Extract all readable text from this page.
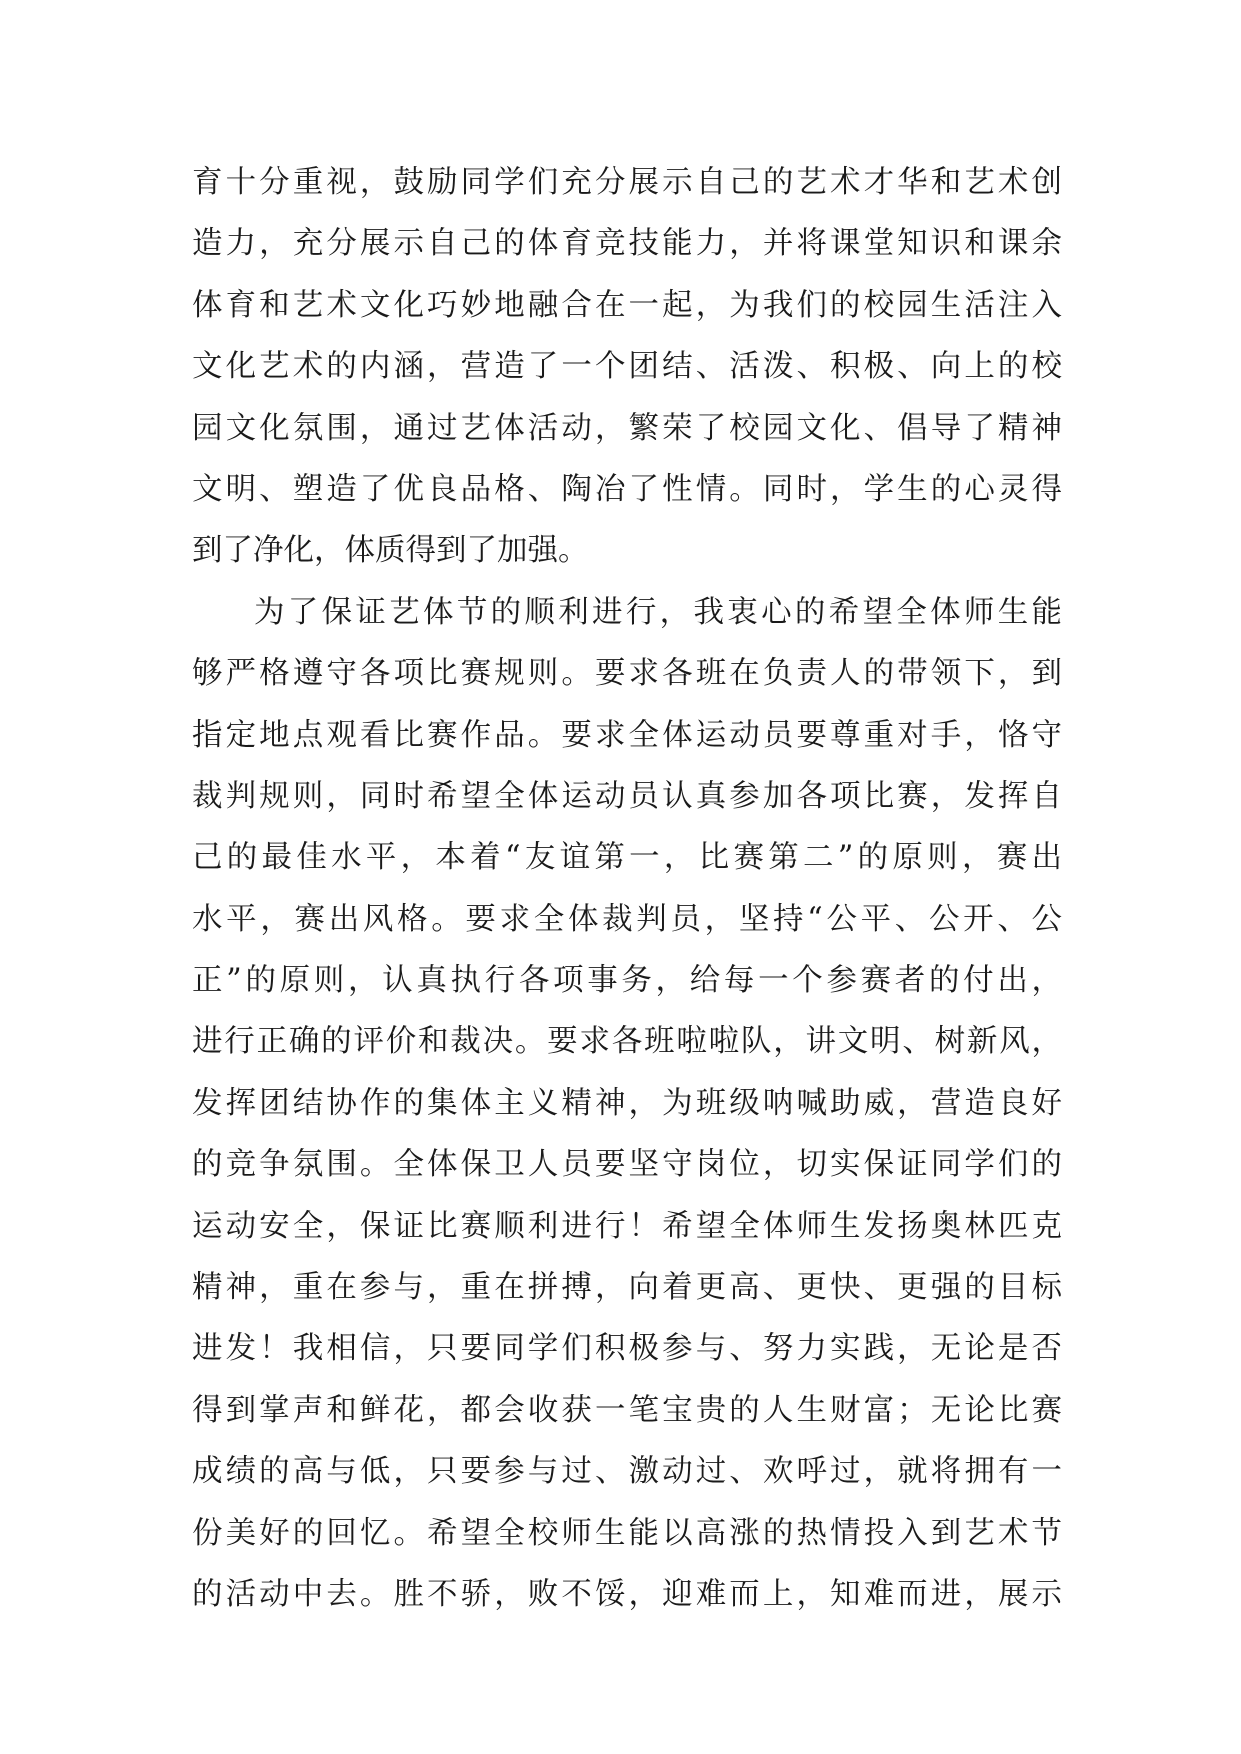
育十分重视，鼓励同学们充分展示自己的艺术才华和艺术创
造力，充分展示自己的体育竞技能力，并将课堂知识和课余
体育和艺术文化巧妙地融合在一起，为我们的校园生活注入
文化艺术的内涵，营造了一个团结、活泼、积极、向上的校
园文化氛围，通过艺体活动，繁荣了校园文化、倡导了精神
文明、塑造了优良品格、陶冶了性情。同时，学生的心灵得
到了净化，体质得到了加强。
为了保证艺体节的顺利进行，我衷心的希望全体师生能
够严格遵守各项比赛规则。要求各班在负责人的带领下，到
指定地点观看比赛作品。要求全体运动员要尊重对手，恪守
裁判规则，同时希望全体运动员认真参加各项比赛，发挥自
己的最佳水平，本着“友谊第一，比赛第二”的原则，赛出
水平，赛出风格。要求全体裁判员，坚持“公平、公开、公
正”的原则，认真执行各项事务，给每一个参赛者的付出，
进行正确的评价和裁决。要求各班啦啦队，讲文明、树新风，
发挥团结协作的集体主义精神，为班级呐喊助威，营造良好
的竞争氛围。全体保卫人员要坚守岗位，切实保证同学们的
运动安全，保证比赛顺利进行！希望全体师生发扬奥林匹克
精神，重在参与，重在拼搏，向着更高、更快、更强的目标
进发！我相信，只要同学们积极参与、努力实践，无论是否
得到掌声和鲜花，都会收获一笔宝贵的人生财富；无论比赛
成绩的高与低，只要参与过、激动过、欢呼过，就将拥有一
份美好的回忆。希望全校师生能以高涨的热情投入到艺术节
的活动中去。胜不骄，败不馁，迎难而上，知难而进，展示
